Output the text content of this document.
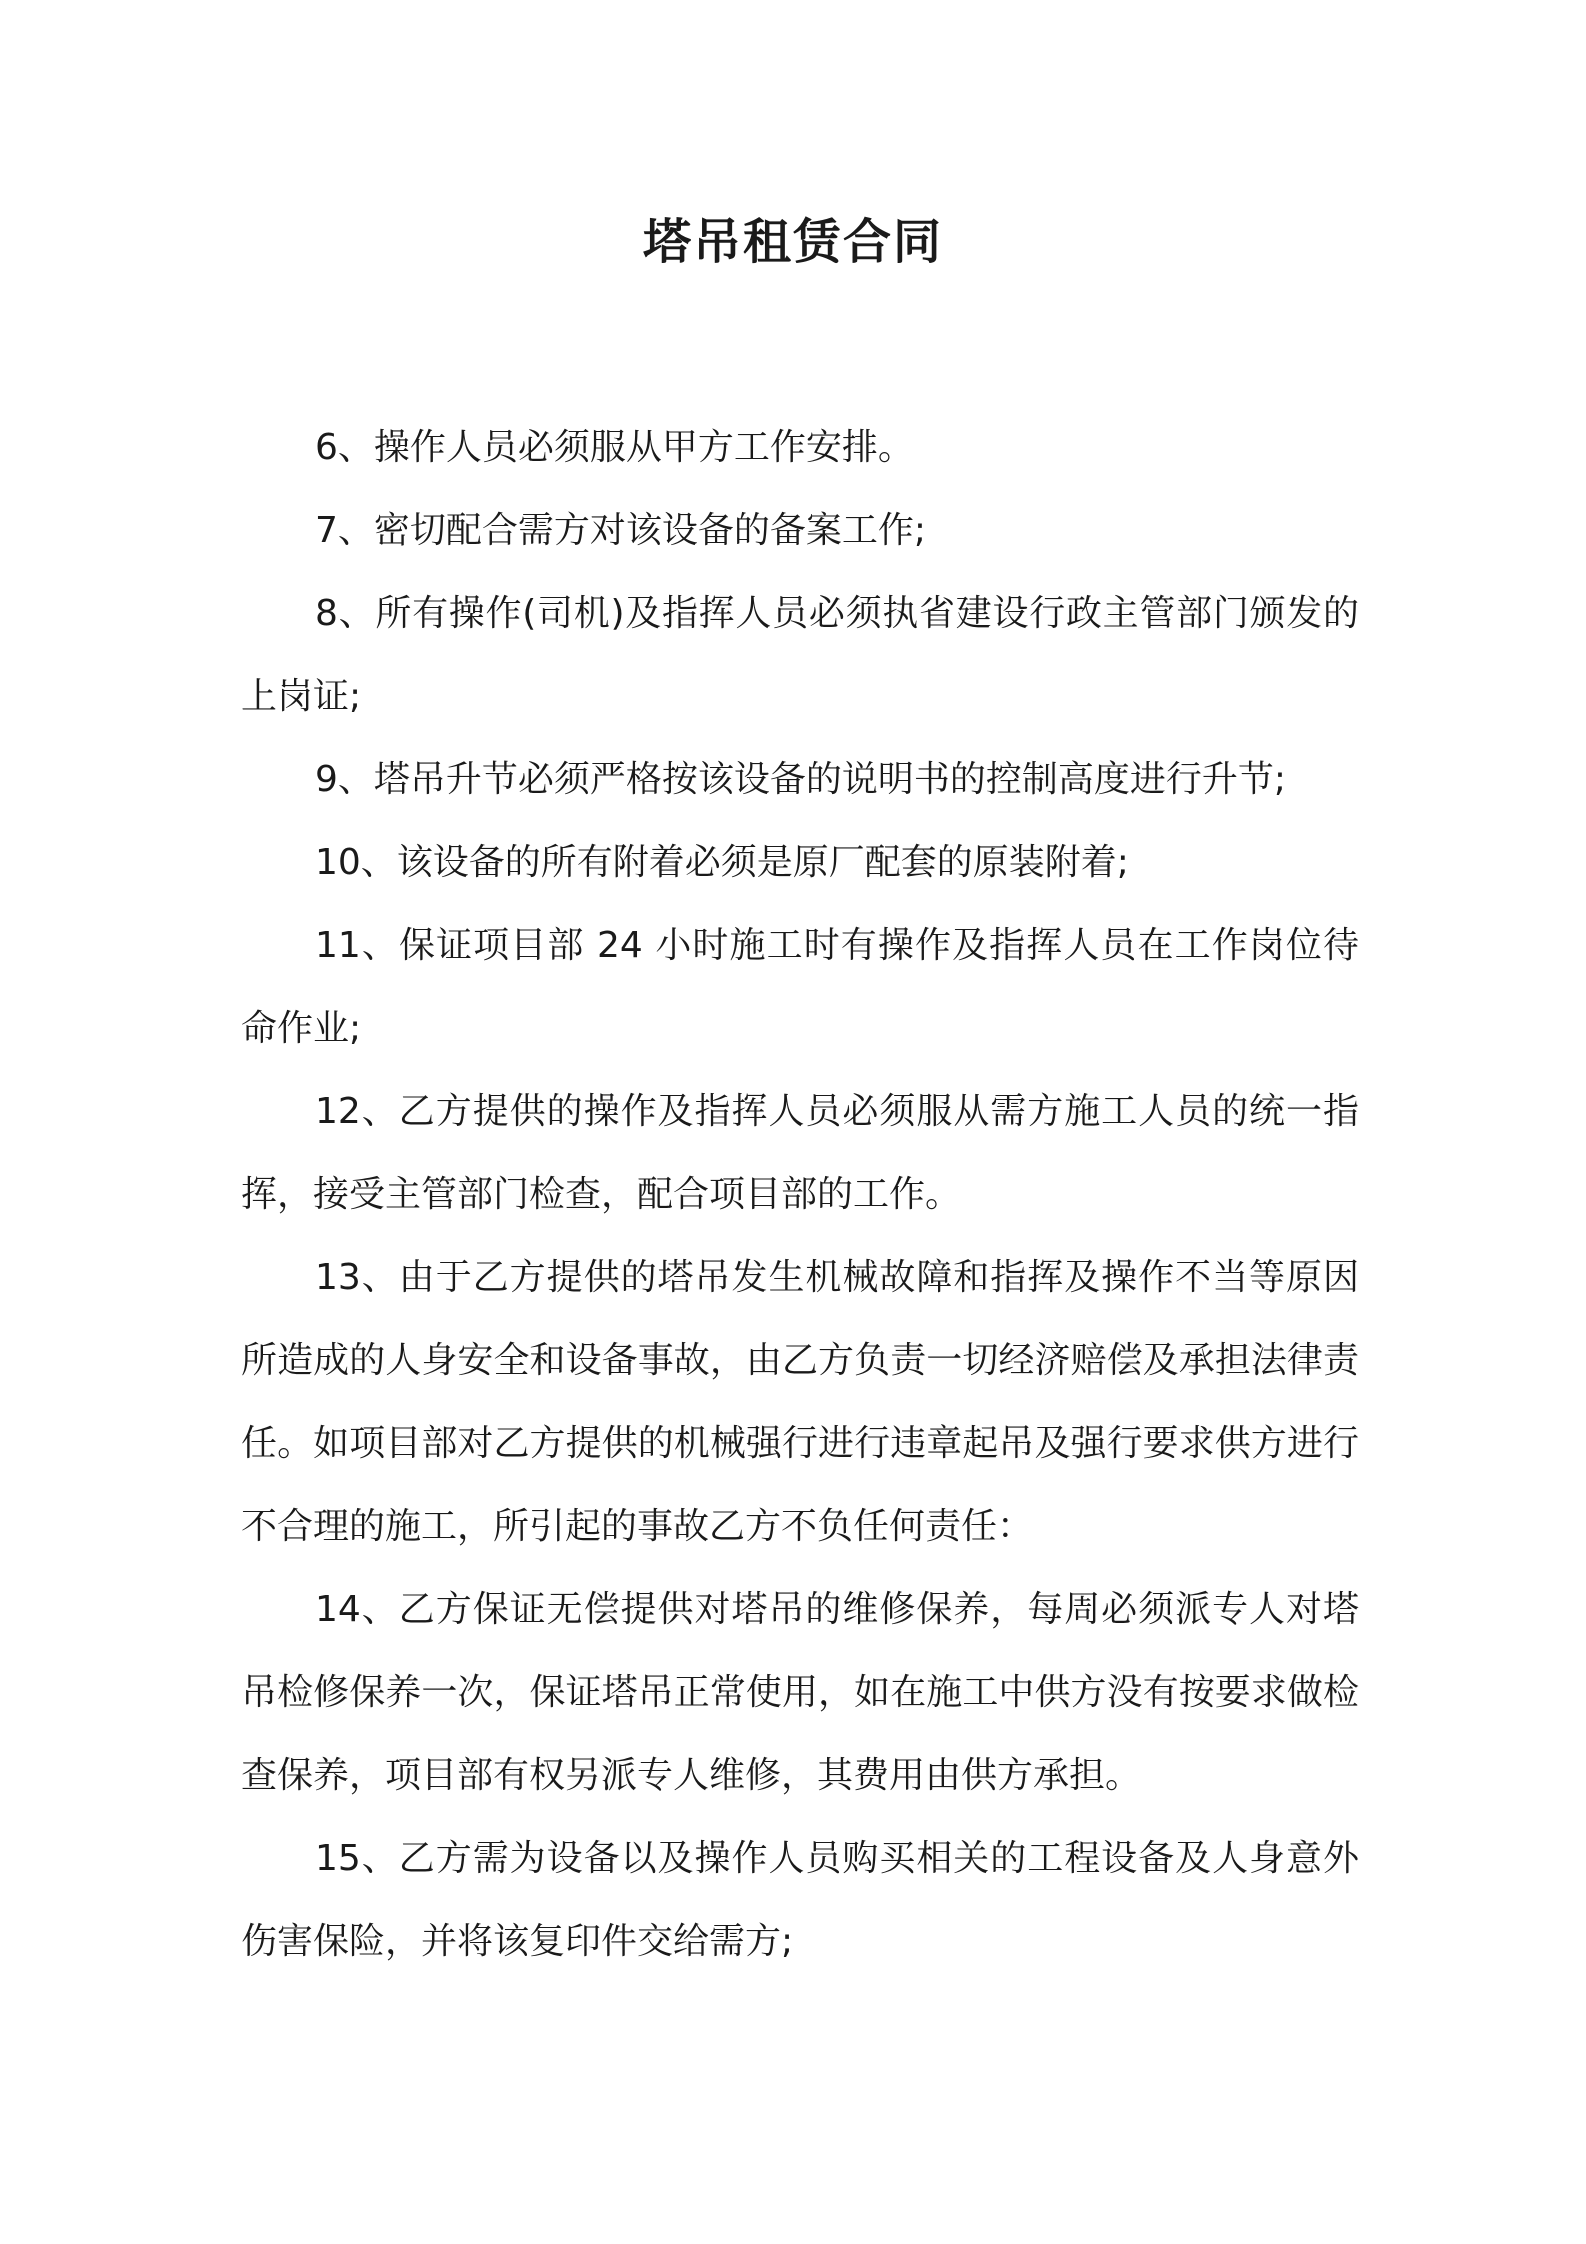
塔吊租赁合同

6、操作人员必须服从甲方工作安排。

7、密切配合需方对该设备的备案工作;

8、所有操作(司机)及指挥人员必须执省建设行政主管部门颁发的上岗证;

9、塔吊升节必须严格按该设备的说明书的控制高度进行升节;

10、该设备的所有附着必须是原厂配套的原装附着;

11、保证项目部 24 小时施工时有操作及指挥人员在工作岗位待命作业;

12、乙方提供的操作及指挥人员必须服从需方施工人员的统一指挥，接受主管部门检查，配合项目部的工作。

13、由于乙方提供的塔吊发生机械故障和指挥及操作不当等原因所造成的人身安全和设备事故，由乙方负责一切经济赔偿及承担法律责任。如项目部对乙方提供的机械强行进行违章起吊及强行要求供方进行不合理的施工，所引起的事故乙方不负任何责任：

14、乙方保证无偿提供对塔吊的维修保养，每周必须派专人对塔吊检修保养一次，保证塔吊正常使用，如在施工中供方没有按要求做检查保养，项目部有权另派专人维修，其费用由供方承担。

15、乙方需为设备以及操作人员购买相关的工程设备及人身意外伤害保险，并将该复印件交给需方;
